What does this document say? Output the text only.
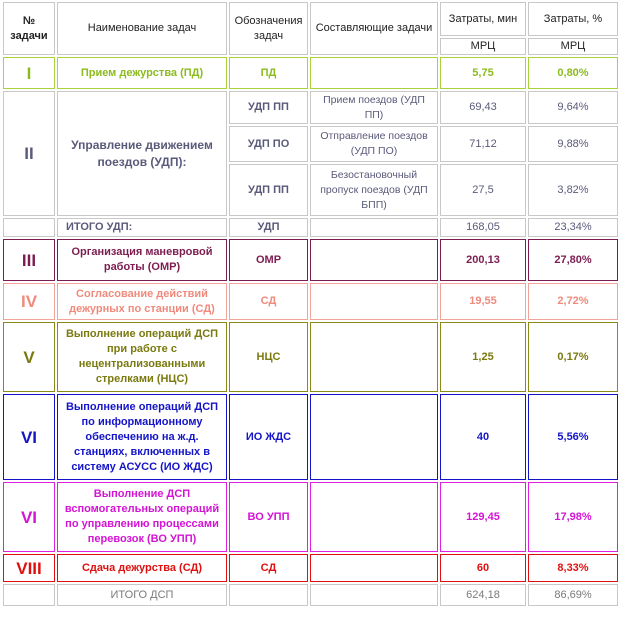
№ задачи	Наименование задач	Обозначения задач	Составляющие задачи	Затраты, мин	Затраты, %
				МРЦ	МРЦ
I	Прием дежурства (ПД)	ПД		5,75	0,80%
II	Управление движением поездов (УДП):	УДП ПП	Прием поездов (УДП ПП)	69,43	9,64%
		УДП ПО	Отправление поездов (УДП ПО)	71,12	9,88%
		УДП ПП	Безостановочный пропуск поездов (УДП БПП)	27,5	3,82%
	ИТОГО УДП:	УДП		168,05	23,34%
III	Организация маневровой работы (ОМР)	ОМР		200,13	27,80%
IV	Согласование действий дежурных по станции (СД)	СД		19,55	2,72%
V	Выполнение операций ДСП при работе с нецентрализованными стрелками (НЦС)	НЦС		1,25	0,17%
VI	Выполнение операций ДСП по информационному обеспечению на ж.д. станциях, включенных в систему АСУСС (ИО ЖДС)	ИО ЖДС		40	5,56%
VI	Выполнение ДСП вспомогательных операций по управлению процессами перевозок (ВО УПП)	ВО УПП		129,45	17,98%
VIII	Сдача дежурства (СД)	СД		60	8,33%
	ИТОГО ДСП			624,18	86,69%
